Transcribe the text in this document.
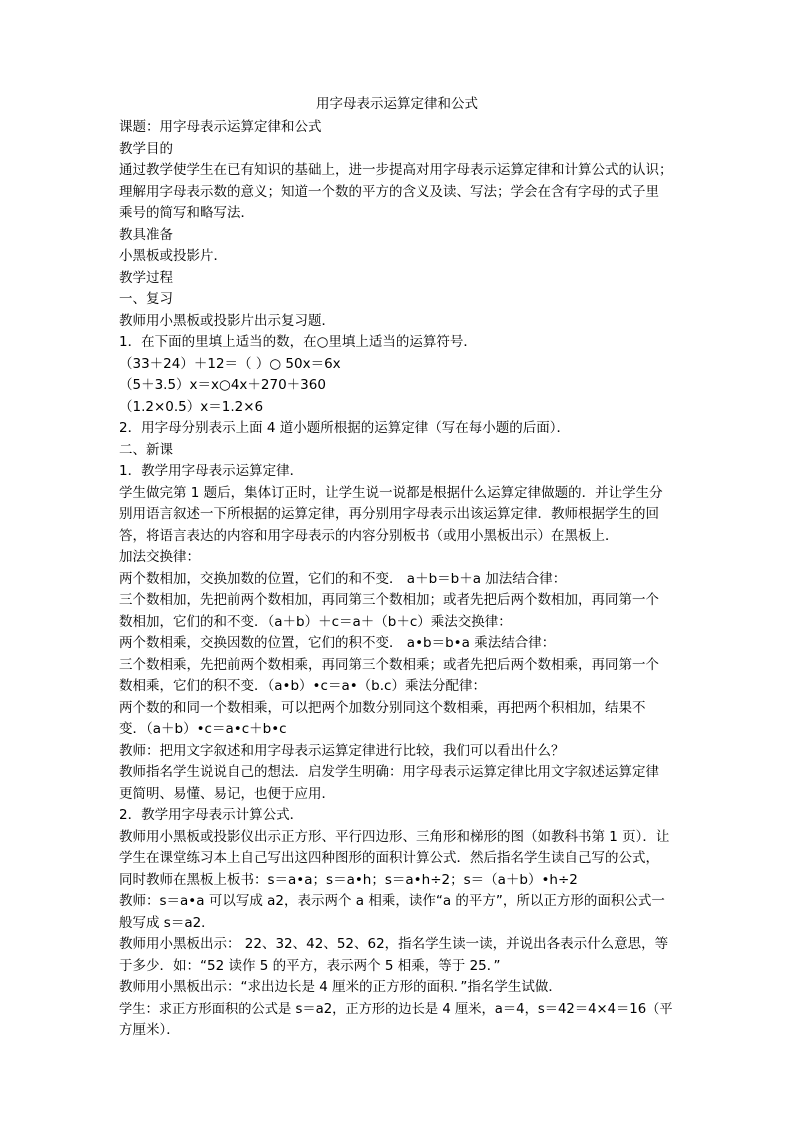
用字母表示运算定律和公式
课题：用字母表示运算定律和公式
教学目的
通过教学使学生在已有知识的基础上，进一步提高对用字母表示运算定律和计算公式的认识；
理解用字母表示数的意义；知道一个数的平方的含义及读、写法；学会在含有字母的式子里
乘号的简写和略写法．
教具准备
小黑板或投影片．
教学过程
一、复习
教师用小黑板或投影片出示复习题．
1．在下面的里填上适当的数，在○里填上适当的运算符号．
（33＋24）＋12＝（ ）○ 50x＝6x
（5＋3.5）x＝x○4x＋270＋360
（1.2×0.5）x＝1.2×6
2．用字母分别表示上面 4 道小题所根据的运算定律（写在每小题的后面）．
二、新课
1．教学用字母表示运算定律．
学生做完第 1 题后，集体订正时，让学生说一说都是根据什么运算定律做题的．并让学生分
别用语言叙述一下所根据的运算定律，再分别用字母表示出该运算定律．教师根据学生的回
答，将语言表达的内容和用字母表示的内容分别板书（或用小黑板出示）在黑板上．
加法交换律：
两个数相加，交换加数的位置，它们的和不变． a＋b＝b＋a 加法结合律：
三个数相加，先把前两个数相加，再同第三个数相加；或者先把后两个数相加，再同第一个
数相加，它们的和不变．（a＋b）＋c＝a＋（b＋c）乘法交换律：
两个数相乘，交换因数的位置，它们的积不变． a•b＝b•a 乘法结合律：
三个数相乘，先把前两个数相乘，再同第三个数相乘；或者先把后两个数相乘，再同第一个
数相乘，它们的积不变．（a•b）•c＝a•（b.c）乘法分配律：
两个数的和同一个数相乘，可以把两个加数分别同这个数相乘，再把两个积相加，结果不
变．（a＋b）•c＝a•c＋b•c
教师：把用文字叙述和用字母表示运算定律进行比较，我们可以看出什么？
教师指名学生说说自己的想法．启发学生明确：用字母表示运算定律比用文字叙述运算定律
更简明、易懂、易记，也便于应用．
2．教学用字母表示计算公式．
教师用小黑板或投影仪出示正方形、平行四边形、三角形和梯形的图（如教科书第 1 页）．让
学生在课堂练习本上自己写出这四种图形的面积计算公式．然后指名学生读自己写的公式，
同时教师在黑板上板书：s＝a•a；s＝a•h；s＝a•h÷2；s＝（a＋b）•h÷2
教师：s＝a•a 可以写成 a2，表示两个 a 相乘，读作“a 的平方”，所以正方形的面积公式一
般写成 s＝a2．
教师用小黑板出示： 22、32、42、52、62，指名学生读一读，并说出各表示什么意思，等
于多少．如：“52 读作 5 的平方，表示两个 5 相乘，等于 25．”
教师用小黑板出示：“求出边长是 4 厘米的正方形的面积．”指名学生试做．
学生：求正方形面积的公式是 s＝a2，正方形的边长是 4 厘米，a＝4，s＝42＝4×4＝16（平
方厘米）．
